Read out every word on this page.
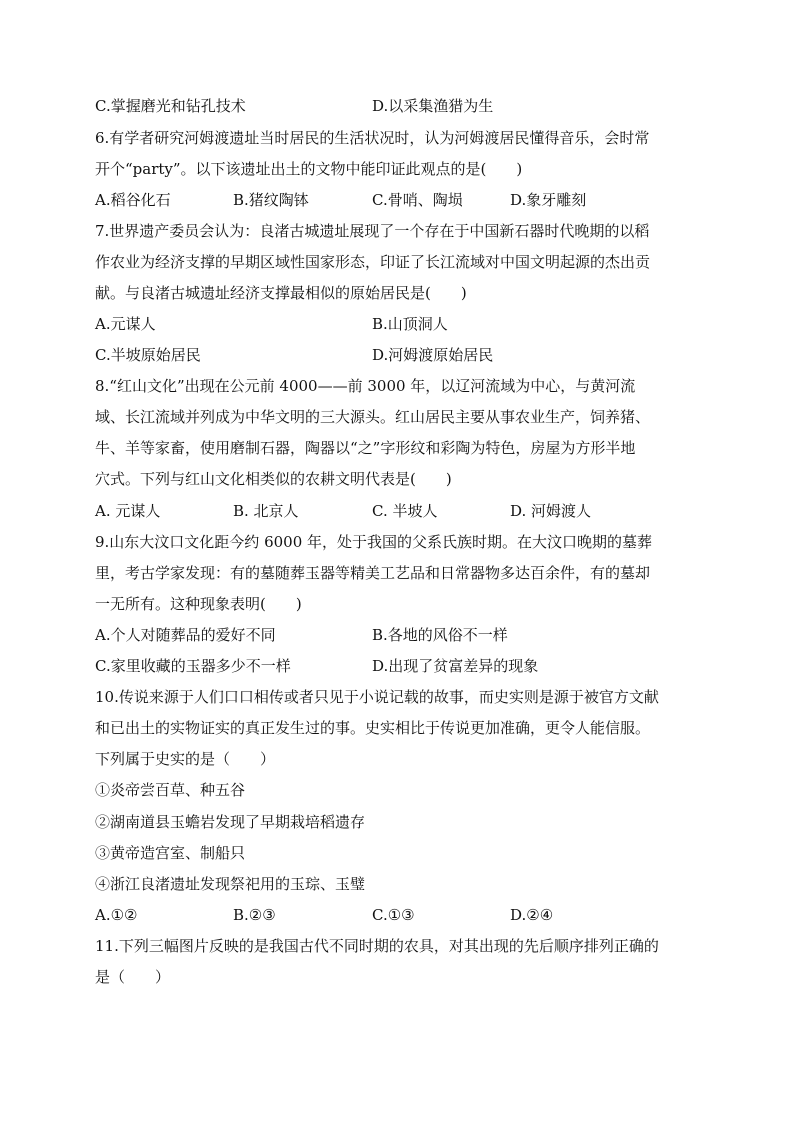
C.掌握磨光和钻孔技术	D.以采集渔猎为生
6.有学者研究河姆渡遗址当时居民的生活状况时，认为河姆渡居民懂得音乐，会时常
开个“party”。以下该遗址出土的文物中能印证此观点的是(　　)
A.稻谷化石	B.猪纹陶钵	C.骨哨、陶埙	D.象牙雕刻
7.世界遗产委员会认为：良渚古城遗址展现了一个存在于中国新石器时代晚期的以稻
作农业为经济支撑的早期区域性国家形态，印证了长江流域对中国文明起源的杰出贡
献。与良渚古城遗址经济支撑最相似的原始居民是(　　)
A.元谋人	B.山顶洞人
C.半坡原始居民	D.河姆渡原始居民
8.“红山文化”出现在公元前 4000——前 3000 年，以辽河流域为中心，与黄河流
域、长江流域并列成为中华文明的三大源头。红山居民主要从事农业生产，饲养猪、
牛、羊等家畜，使用磨制石器，陶器以“之”字形纹和彩陶为特色，房屋为方形半地
穴式。下列与红山文化相类似的农耕文明代表是(　　)
A. 元谋人	B. 北京人	C. 半坡人	D. 河姆渡人
9.山东大汶口文化距今约 6000 年，处于我国的父系氏族时期。在大汶口晚期的墓葬
里，考古学家发现：有的墓随葬玉器等精美工艺品和日常器物多达百余件，有的墓却
一无所有。这种现象表明(　　)
A.个人对随葬品的爱好不同	B.各地的风俗不一样
C.家里收藏的玉器多少不一样	D.出现了贫富差异的现象
10.传说来源于人们口口相传或者只见于小说记载的故事，而史实则是源于被官方文献
和已出土的实物证实的真正发生过的事。史实相比于传说更加准确，更令人能信服。
下列属于史实的是（　　）
①炎帝尝百草、种五谷
②湖南道县玉蟾岩发现了早期栽培稻遗存
③黄帝造宫室、制船只
④浙江良渚遗址发现祭祀用的玉琮、玉璧
A.①②	B.②③	C.①③	D.②④
11.下列三幅图片反映的是我国古代不同时期的农具，对其出现的先后顺序排列正确的
是（　　）
